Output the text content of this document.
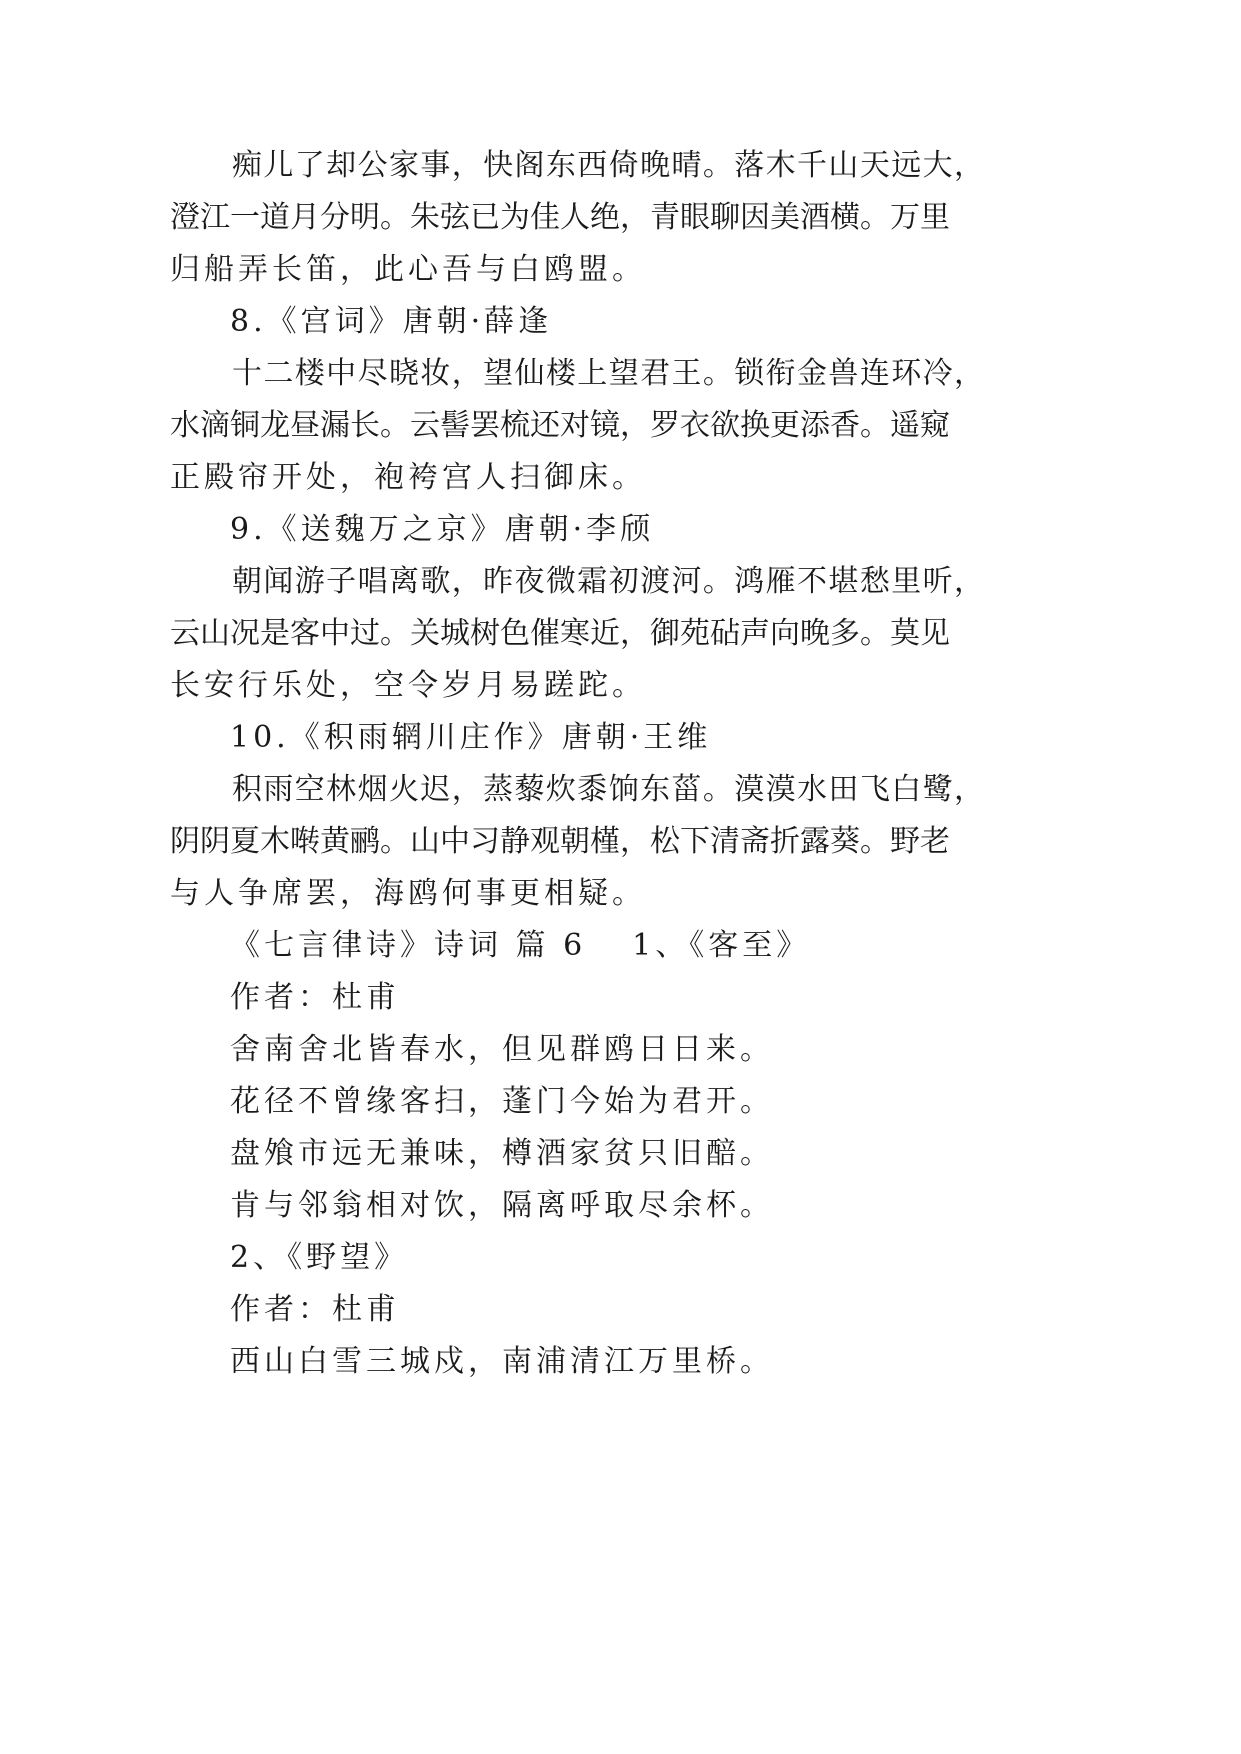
痴儿了却公家事，快阁东西倚晚晴。落木千山天远大，
澄江一道月分明。朱弦已为佳人绝，青眼聊因美酒横。万里
归船弄长笛，此心吾与白鸥盟。
8.《宫词》唐朝·薛逢
十二楼中尽晓妆，望仙楼上望君王。锁衔金兽连环冷，
水滴铜龙昼漏长。云髻罢梳还对镜，罗衣欲换更添香。遥窥
正殿帘开处，袍袴宫人扫御床。
9.《送魏万之京》唐朝·李颀
朝闻游子唱离歌，昨夜微霜初渡河。鸿雁不堪愁里听，
云山况是客中过。关城树色催寒近，御苑砧声向晚多。莫见
长安行乐处，空令岁月易蹉跎。
10.《积雨辋川庄作》唐朝·王维
积雨空林烟火迟，蒸藜炊黍饷东菑。漠漠水田飞白鹭，
阴阴夏木啭黄鹂。山中习静观朝槿，松下清斋折露葵。野老
与人争席罢，海鸥何事更相疑。
《七言律诗》诗词 篇 6 1、《客至》
作者：杜甫
舍南舍北皆春水，但见群鸥日日来。
花径不曾缘客扫，蓬门今始为君开。
盘飧市远无兼味，樽酒家贫只旧醅。
肯与邻翁相对饮，隔离呼取尽余杯。
2、《野望》
作者：杜甫
西山白雪三城戍，南浦清江万里桥。
